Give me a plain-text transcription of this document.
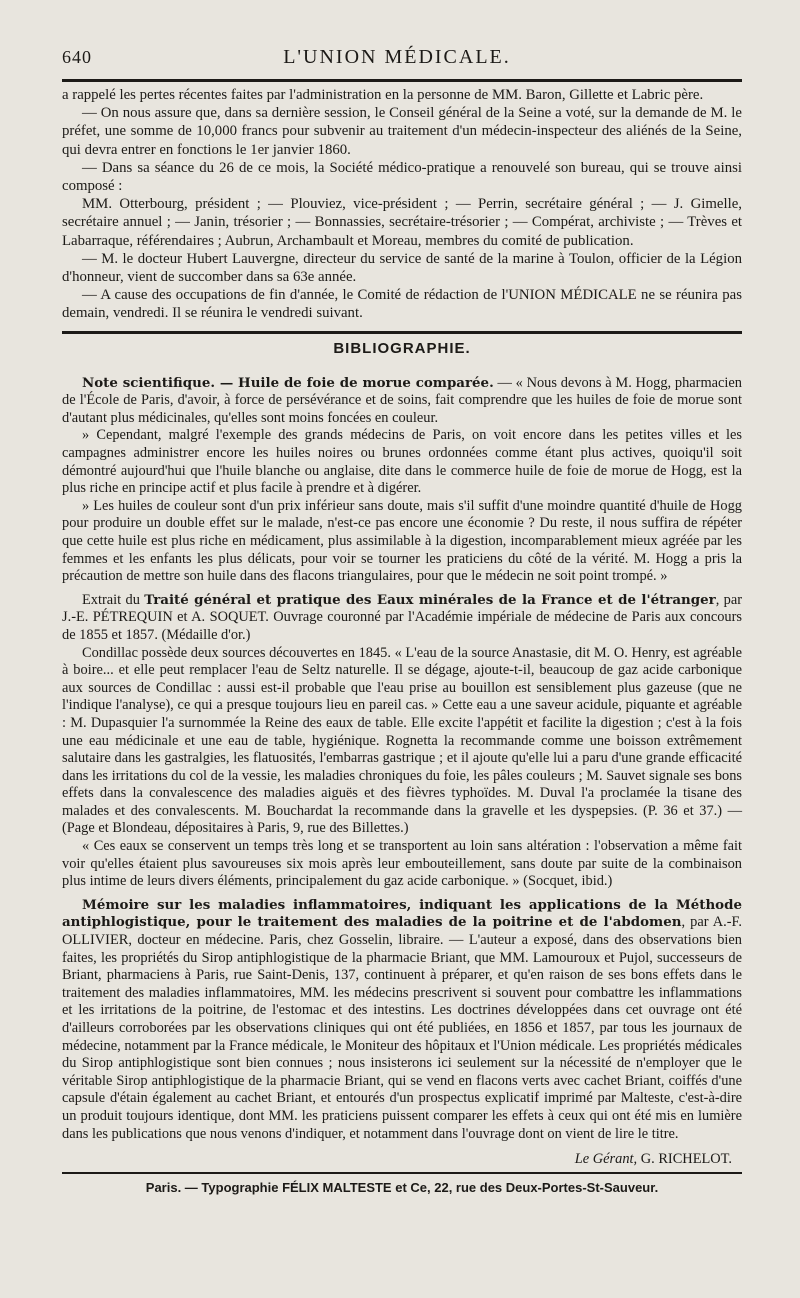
640	L'UNION MÉDICALE.

a rappelé les pertes récentes faites par l'administration en la personne de MM. Baron, Gillette et Labric père.

— On nous assure que, dans sa dernière session, le Conseil général de la Seine a voté, sur la demande de M. le préfet, une somme de 10,000 francs pour subvenir au traitement d'un médecin-inspecteur des aliénés de la Seine, qui devra entrer en fonctions le 1er janvier 1860.

— Dans sa séance du 26 de ce mois, la Société médico-pratique a renouvelé son bureau, qui se trouve ainsi composé :

MM. Otterbourg, président ; — Plouviez, vice-président ; — Perrin, secrétaire général ; — J. Gimelle, secrétaire annuel ; — Janin, trésorier ; — Bonnassies, secrétaire-trésorier ; — Compérat, archiviste ; — Trèves et Labarraque, référendaires ; Aubrun, Archambault et Moreau, membres du comité de publication.

— M. le docteur Hubert Lauvergne, directeur du service de santé de la marine à Toulon, officier de la Légion d'honneur, vient de succomber dans sa 63e année.

— A cause des occupations de fin d'année, le Comité de rédaction de l'UNION MÉDICALE ne se réunira pas demain, vendredi. Il se réunira le vendredi suivant.

BIBLIOGRAPHIE.

Note scientifique. — Huile de foie de morue comparée. — « Nous devons à M. Hogg, pharmacien de l'École de Paris, d'avoir, à force de persévérance et de soins, fait comprendre que les huiles de foie de morue sont d'autant plus médicinales, qu'elles sont moins foncées en couleur.

» Cependant, malgré l'exemple des grands médecins de Paris, on voit encore dans les petites villes et les campagnes administrer encore les huiles noires ou brunes ordonnées comme étant plus actives, quoiqu'il soit démontré aujourd'hui que l'huile blanche ou anglaise, dite dans le commerce huile de foie de morue de Hogg, est la plus riche en principe actif et plus facile à prendre et à digérer.

» Les huiles de couleur sont d'un prix inférieur sans doute, mais s'il suffit d'une moindre quantité d'huile de Hogg pour produire un double effet sur le malade, n'est-ce pas encore une économie ? Du reste, il nous suffira de répéter que cette huile est plus riche en médicament, plus assimilable à la digestion, incomparablement mieux agréée par les femmes et les enfants les plus délicats, pour voir se tourner les praticiens du côté de la vérité. M. Hogg a pris la précaution de mettre son huile dans des flacons triangulaires, pour que le médecin ne soit point trompé. »

Extrait du Traité général et pratique des Eaux minérales de la France et de l'étranger, par J.-E. PÉTREQUIN et A. SOQUET. Ouvrage couronné par l'Académie impériale de médecine de Paris aux concours de 1855 et 1857. (Médaille d'or.)

Condillac possède deux sources découvertes en 1845. « L'eau de la source Anastasie, dit M. O. Henry, est agréable à boire... et elle peut remplacer l'eau de Seltz naturelle. Il se dégage, ajoute-t-il, beaucoup de gaz acide carbonique aux sources de Condillac : aussi est-il probable que l'eau prise au bouillon est sensiblement plus gazeuse (que ne l'indique l'analyse), ce qui a presque toujours lieu en pareil cas. » Cette eau a une saveur acidule, piquante et agréable : M. Dupasquier l'a surnommée la Reine des eaux de table. Elle excite l'appétit et facilite la digestion ; c'est à la fois une eau médicinale et une eau de table, hygiénique. Rognetta la recommande comme une boisson extrêmement salutaire dans les gastralgies, les flatuosités, l'embarras gastrique ; et il ajoute qu'elle lui a paru d'une grande efficacité dans les irritations du col de la vessie, les maladies chroniques du foie, les pâles couleurs ; M. Sauvet signale ses bons effets dans la convalescence des maladies aiguës et des fièvres typhoïdes. M. Duval l'a proclamée la tisane des malades et des convalescents. M. Bouchardat la recommande dans la gravelle et les dyspepsies. (P. 36 et 37.) — (Page et Blondeau, dépositaires à Paris, 9, rue des Billettes.)

« Ces eaux se conservent un temps très long et se transportent au loin sans altération : l'observation a même fait voir qu'elles étaient plus savoureuses six mois après leur embouteillement, sans doute par suite de la combinaison plus intime de leurs divers éléments, principalement du gaz acide carbonique. » (Socquet, ibid.)

Mémoire sur les maladies inflammatoires, indiquant les applications de la Méthode antiphlogistique, pour le traitement des maladies de la poitrine et de l'abdomen, par A.-F. OLLIVIER, docteur en médecine. Paris, chez Gosselin, libraire. — L'auteur a exposé, dans des observations bien faites, les propriétés du Sirop antiphlogistique de la pharmacie Briant, que MM. Lamouroux et Pujol, successeurs de Briant, pharmaciens à Paris, rue Saint-Denis, 137, continuent à préparer, et qu'en raison de ses bons effets dans le traitement des maladies inflammatoires, MM. les médecins prescrivent si souvent pour combattre les inflammations et les irritations de la poitrine, de l'estomac et des intestins. Les doctrines développées dans cet ouvrage ont été d'ailleurs corroborées par les observations cliniques qui ont été publiées, en 1856 et 1857, par tous les journaux de médecine, notamment par la France médicale, le Moniteur des hôpitaux et l'Union médicale. Les propriétés médicales du Sirop antiphlogistique sont bien connues ; nous insisterons ici seulement sur la nécessité de n'employer que le véritable Sirop antiphlogistique de la pharmacie Briant, qui se vend en flacons verts avec cachet Briant, coiffés d'une capsule d'étain également au cachet Briant, et entourés d'un prospectus explicatif imprimé par Malteste, c'est-à-dire un produit toujours identique, dont MM. les praticiens puissent comparer les effets à ceux qui ont été mis en lumière dans les publications que nous venons d'indiquer, et notamment dans l'ouvrage dont on vient de lire le titre.

Le Gérant, G. RICHELOT.
Paris. — Typographie FÉLIX MALTESTE et Ce, 22, rue des Deux-Portes-St-Sauveur.
